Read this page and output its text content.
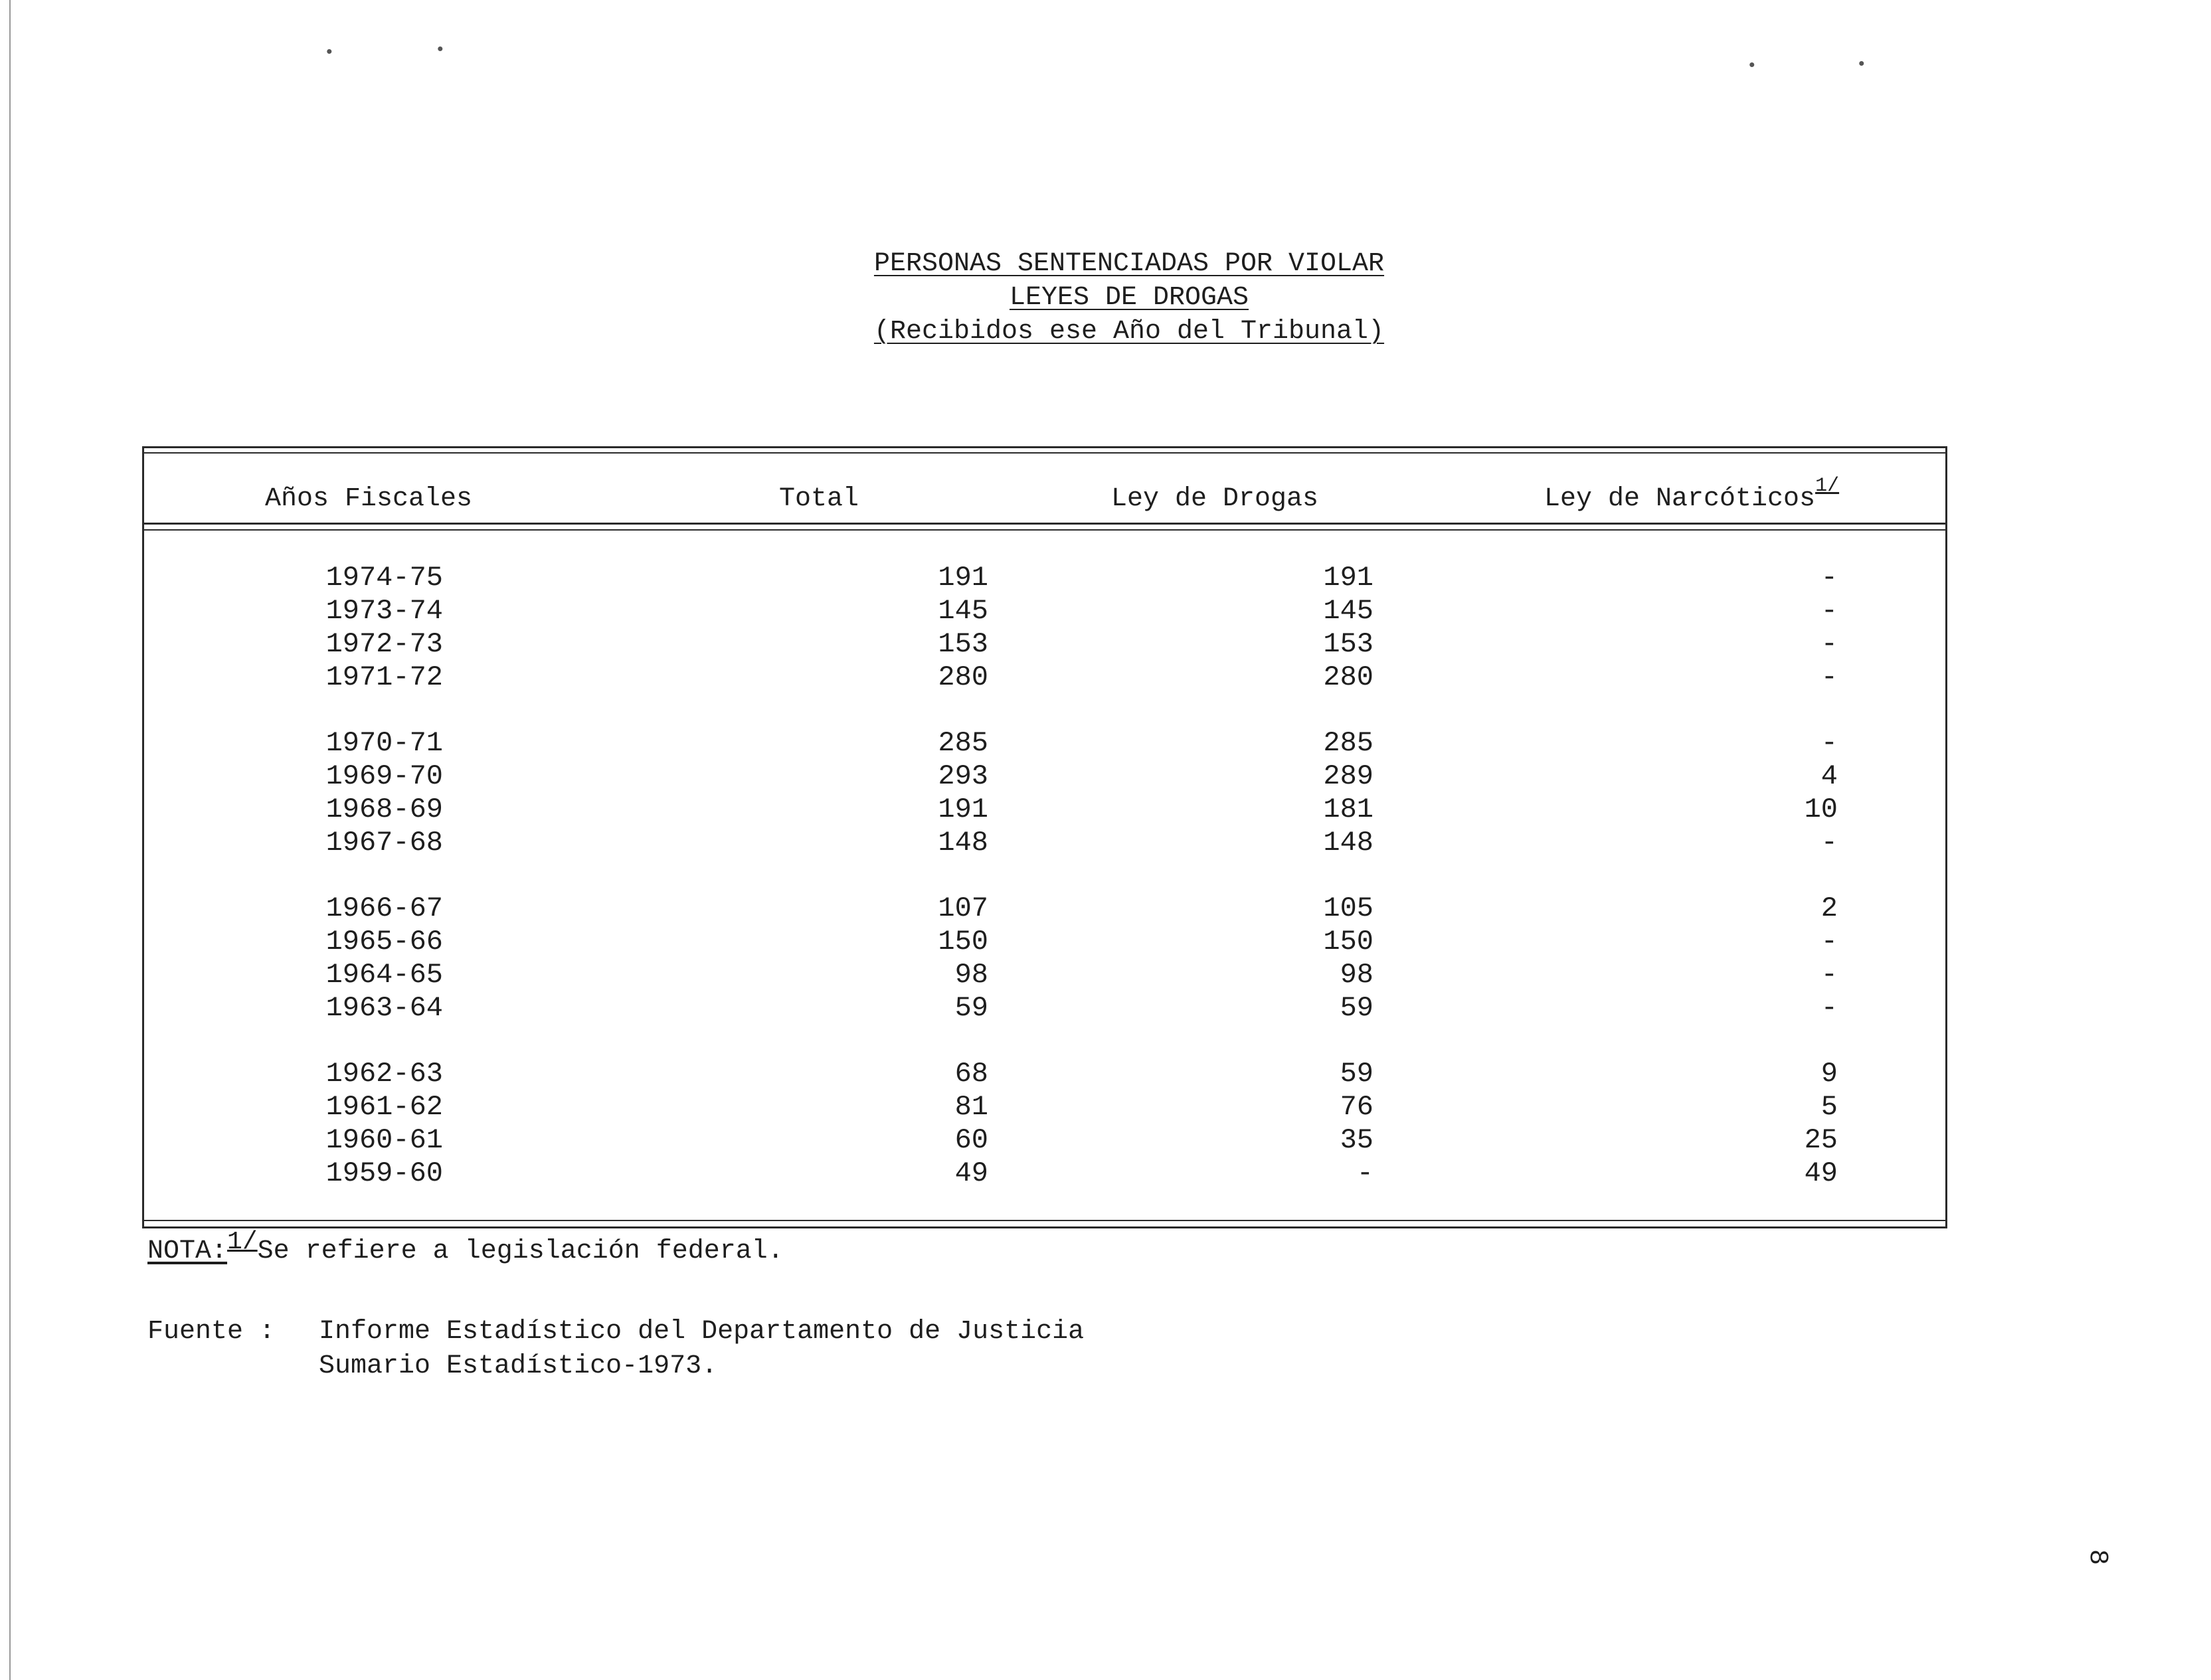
•	•
•	•
PERSONAS SENTENCIADAS POR VIOLAR
LEYES DE DROGAS
(Recibidos ese Año del Tribunal)
Años Fiscales	Total	Ley de Drogas	Ley de Narcóticos$^{1/}$
1974-75	191	191	-
1973-74	145	145	-
1972-73	153	153	-
1971-72	280	280	-
1970-71	285	285	-
1969-70	293	289	4
1968-69	191	181	10
1967-68	148	148	-
1966-67	107	105	2
1965-66	150	150	-
1964-65	98	98	-
1963-64	59	59	-
1962-63	68	59	9
1961-62	81	76	5
1960-61	60	35	25
1959-60	49	-	49
NOTA:1/Se refiere a legislación federal.
Fuente : Informe Estadístico del Departamento de Justicia
Sumario Estadístico-1973.
8
